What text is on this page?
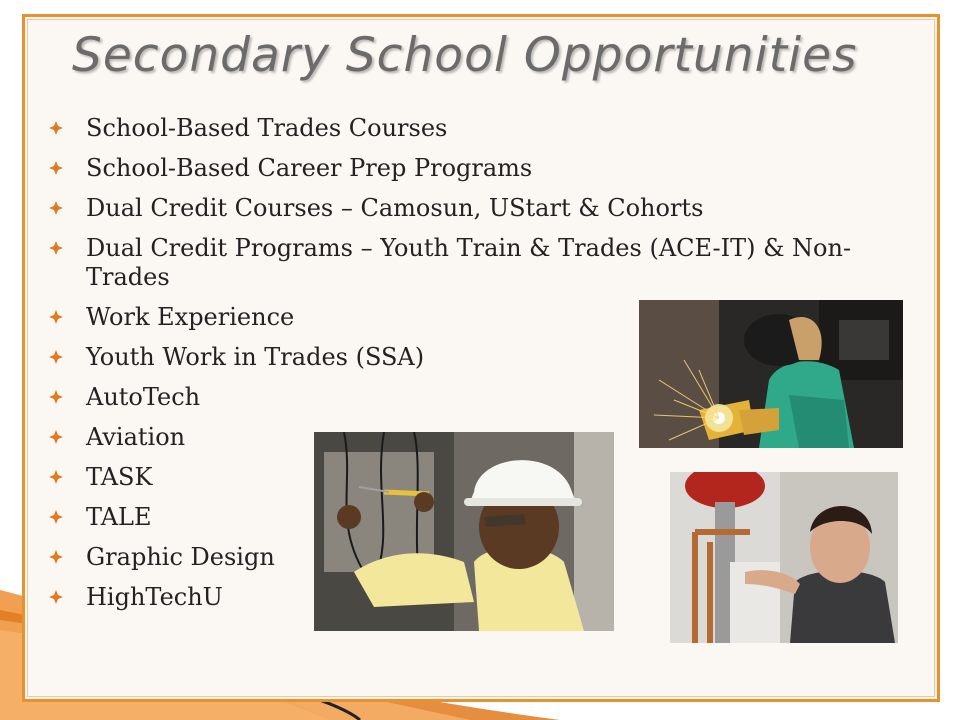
Secondary School Opportunities
School-Based Trades Courses
School-Based Career Prep Programs
Dual Credit Courses – Camosun, UStart & Cohorts
Dual Credit Programs – Youth Train & Trades (ACE-IT) & Non-Trades
Work Experience
Youth Work in Trades (SSA)
AutoTech
Aviation
TASK
TALE
Graphic Design
HighTechU
